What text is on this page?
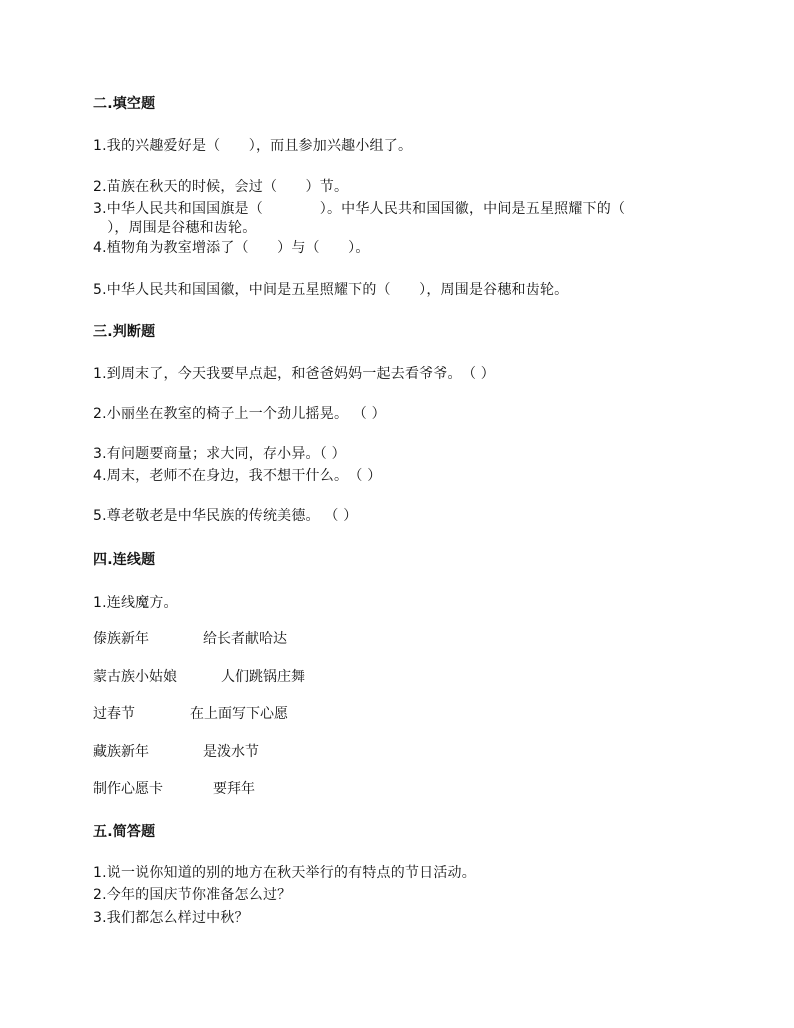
二.填空题
1.我的兴趣爱好是（　　），而且参加兴趣小组了。
2.苗族在秋天的时候，会过（　　）节。
3.中华人民共和国国旗是（　　　　）。中华人民共和国国徽，中间是五星照耀下的（
　），周围是谷穗和齿轮。
4.植物角为教室增添了（　　）与（　　）。
5.中华人民共和国国徽，中间是五星照耀下的（　　），周围是谷穗和齿轮。
三.判断题
1.到周末了，今天我要早点起，和爸爸妈妈一起去看爷爷。　（ ）
2.小丽坐在教室的椅子上一个劲儿摇晃。 （ ）
3.有问题要商量；求大同，存小异。（ ）
4.周末，老师不在身边，我不想干什么。　（ ）
5.尊老敬老是中华民族的传统美德。 （ ）
四.连线题
1.连线魔方。
傣族新年	给长者献哈达
蒙古族小姑娘	人们跳锅庄舞
过春节	在上面写下心愿
藏族新年	是泼水节
制作心愿卡	要拜年
五.简答题
1.说一说你知道的别的地方在秋天举行的有特点的节日活动。
2.今年的国庆节你准备怎么过？
3.我们都怎么样过中秋？
